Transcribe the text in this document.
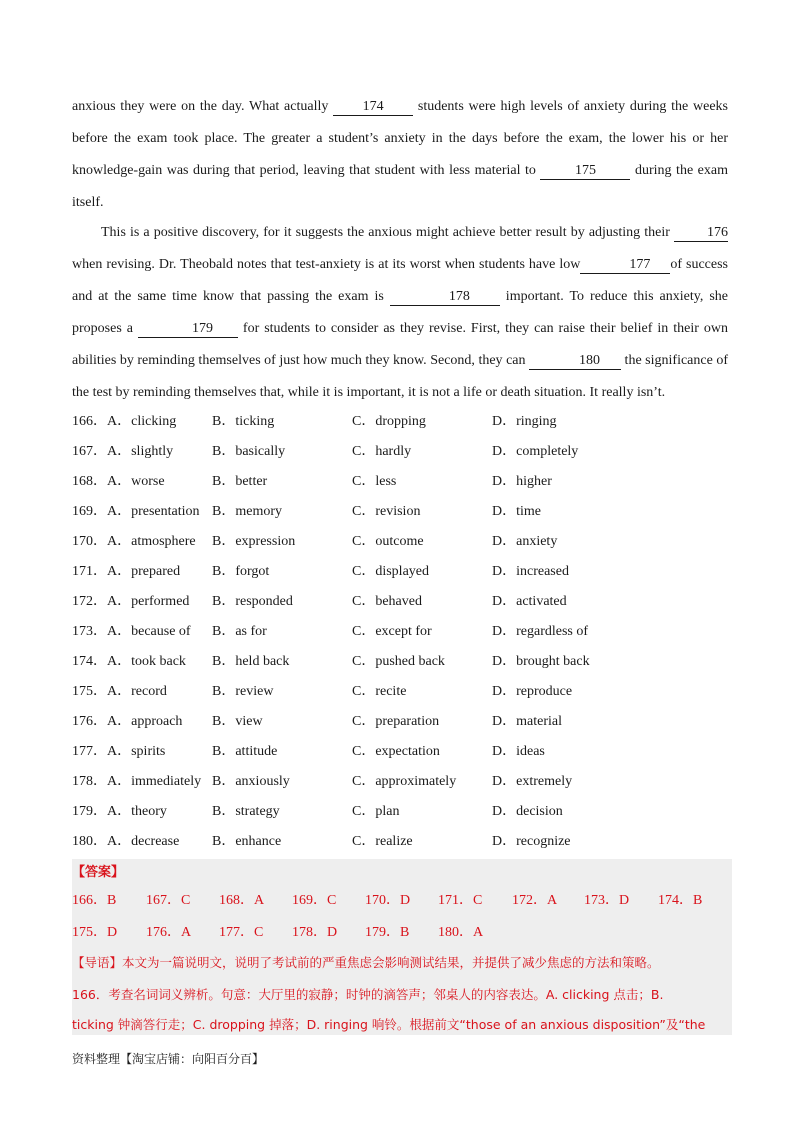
anxious they were on the day. What actually 174 students were high levels of anxiety during the weeks before the exam took place. The greater a student’s anxiety in the days before the exam, the lower his or her knowledge-gain was during that period, leaving that student with less material to 175 during the exam itself.

This is a positive discovery, for it suggests the anxious might achieve better result by adjusting their 176 when revising. Dr. Theobald notes that test-anxiety is at its worst when students have low	177 of success and at the same time know that passing the exam is	178 important. To reduce this anxiety, she proposes a	179 for students to consider as they revise. First, they can raise their belief in their own abilities by reminding themselves of just how much they know. Second, they can	180 the significance of the test by reminding themselves that, while it is important, it is not a life or death situation. It really isn’t.

166．A．clicking	B．ticking	C．dropping	D．ringing
167．A．slightly	B．basically	C．hardly	D．completely
168．A．worse	B．better	C．less	D．higher
169．A．presentation B．memory	C．revision	D．time
170．A．atmosphere B．expression	C．outcome	D．anxiety
171．A．prepared B．forgot	C．displayed	D．increased
172．A．performed B．responded	C．behaved	D．activated
173．A．because of B．as for	C．except for	D．regardless of
174．A．took back B．held back	C．pushed back	D．brought back
175．A．record	B．review	C．recite	D．reproduce
176．A．approach B．view	C．preparation	D．material
177．A．spirits	B．attitude	C．expectation	D．ideas
178．A．immediately B．anxiously	C．approximately	D．extremely
179．A．theory	B．strategy	C．plan	D．decision
180．A．decrease B．enhance	C．realize	D．recognize
【答案】
166．B 167．C 168．A 169．C 170．D 171．C 172．A 173．D 174．B
175．D 176．A 177．C 178．D 179．B 180．A
【导语】本文为一篇说明文，说明了考试前的严重焦虑会影响测试结果，并提供了减少焦虑的方法和策略。
166．考查名词词义辨析。句意：大厅里的寂静；时钟的滴答声；邻桌人的内容表达。A. clicking 点击；B.
ticking 钟滴答行走；C. dropping 掉落；D. ringing 响铃。根据前文“those of an anxious disposition”及“the
资料整理【淘宝店铺：向阳百分百】
